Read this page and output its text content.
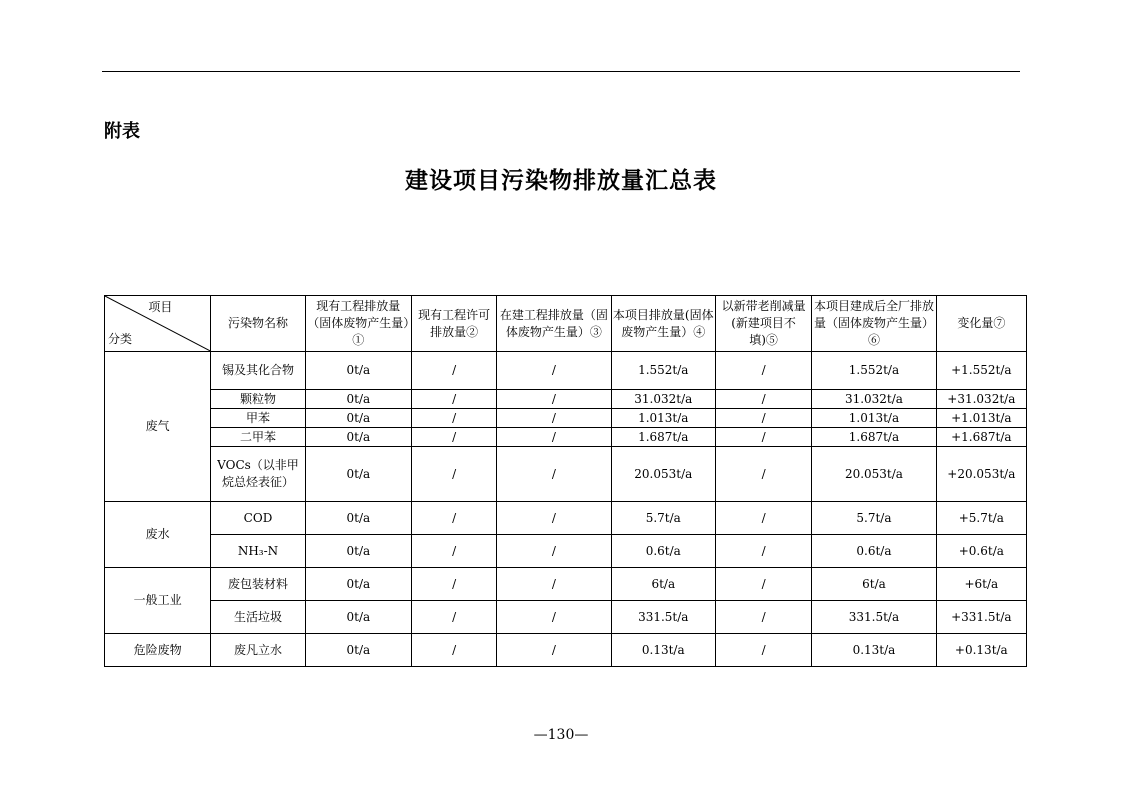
附表
建设项目污染物排放量汇总表
项目
分类	污染物名称	现有工程排放量（固体废物产生量）①	现有工程许可排放量②	在建工程排放量（固体废物产生量）③	本项目排放量(固体废物产生量）④	以新带老削减量(新建项目不填)⑤	本项目建成后全厂排放量（固体废物产生量）⑥	变化量⑦
废气	锡及其化合物	0t/a	/	/	1.552t/a	/	1.552t/a	+1.552t/a
	颗粒物	0t/a	/	/	31.032t/a	/	31.032t/a	+31.032t/a
	甲苯	0t/a	/	/	1.013t/a	/	1.013t/a	+1.013t/a
	二甲苯	0t/a	/	/	1.687t/a	/	1.687t/a	+1.687t/a
	VOCs（以非甲烷总烃表征）	0t/a	/	/	20.053t/a	/	20.053t/a	+20.053t/a
废水	COD	0t/a	/	/	5.7t/a	/	5.7t/a	+5.7t/a
	NH₃-N	0t/a	/	/	0.6t/a	/	0.6t/a	+0.6t/a
一般工业	废包装材料	0t/a	/	/	6t/a	/	6t/a	+6t/a
	生活垃圾	0t/a	/	/	331.5t/a	/	331.5t/a	+331.5t/a
危险废物	废凡立水	0t/a	/	/	0.13t/a	/	0.13t/a	+0.13t/a
—130—
